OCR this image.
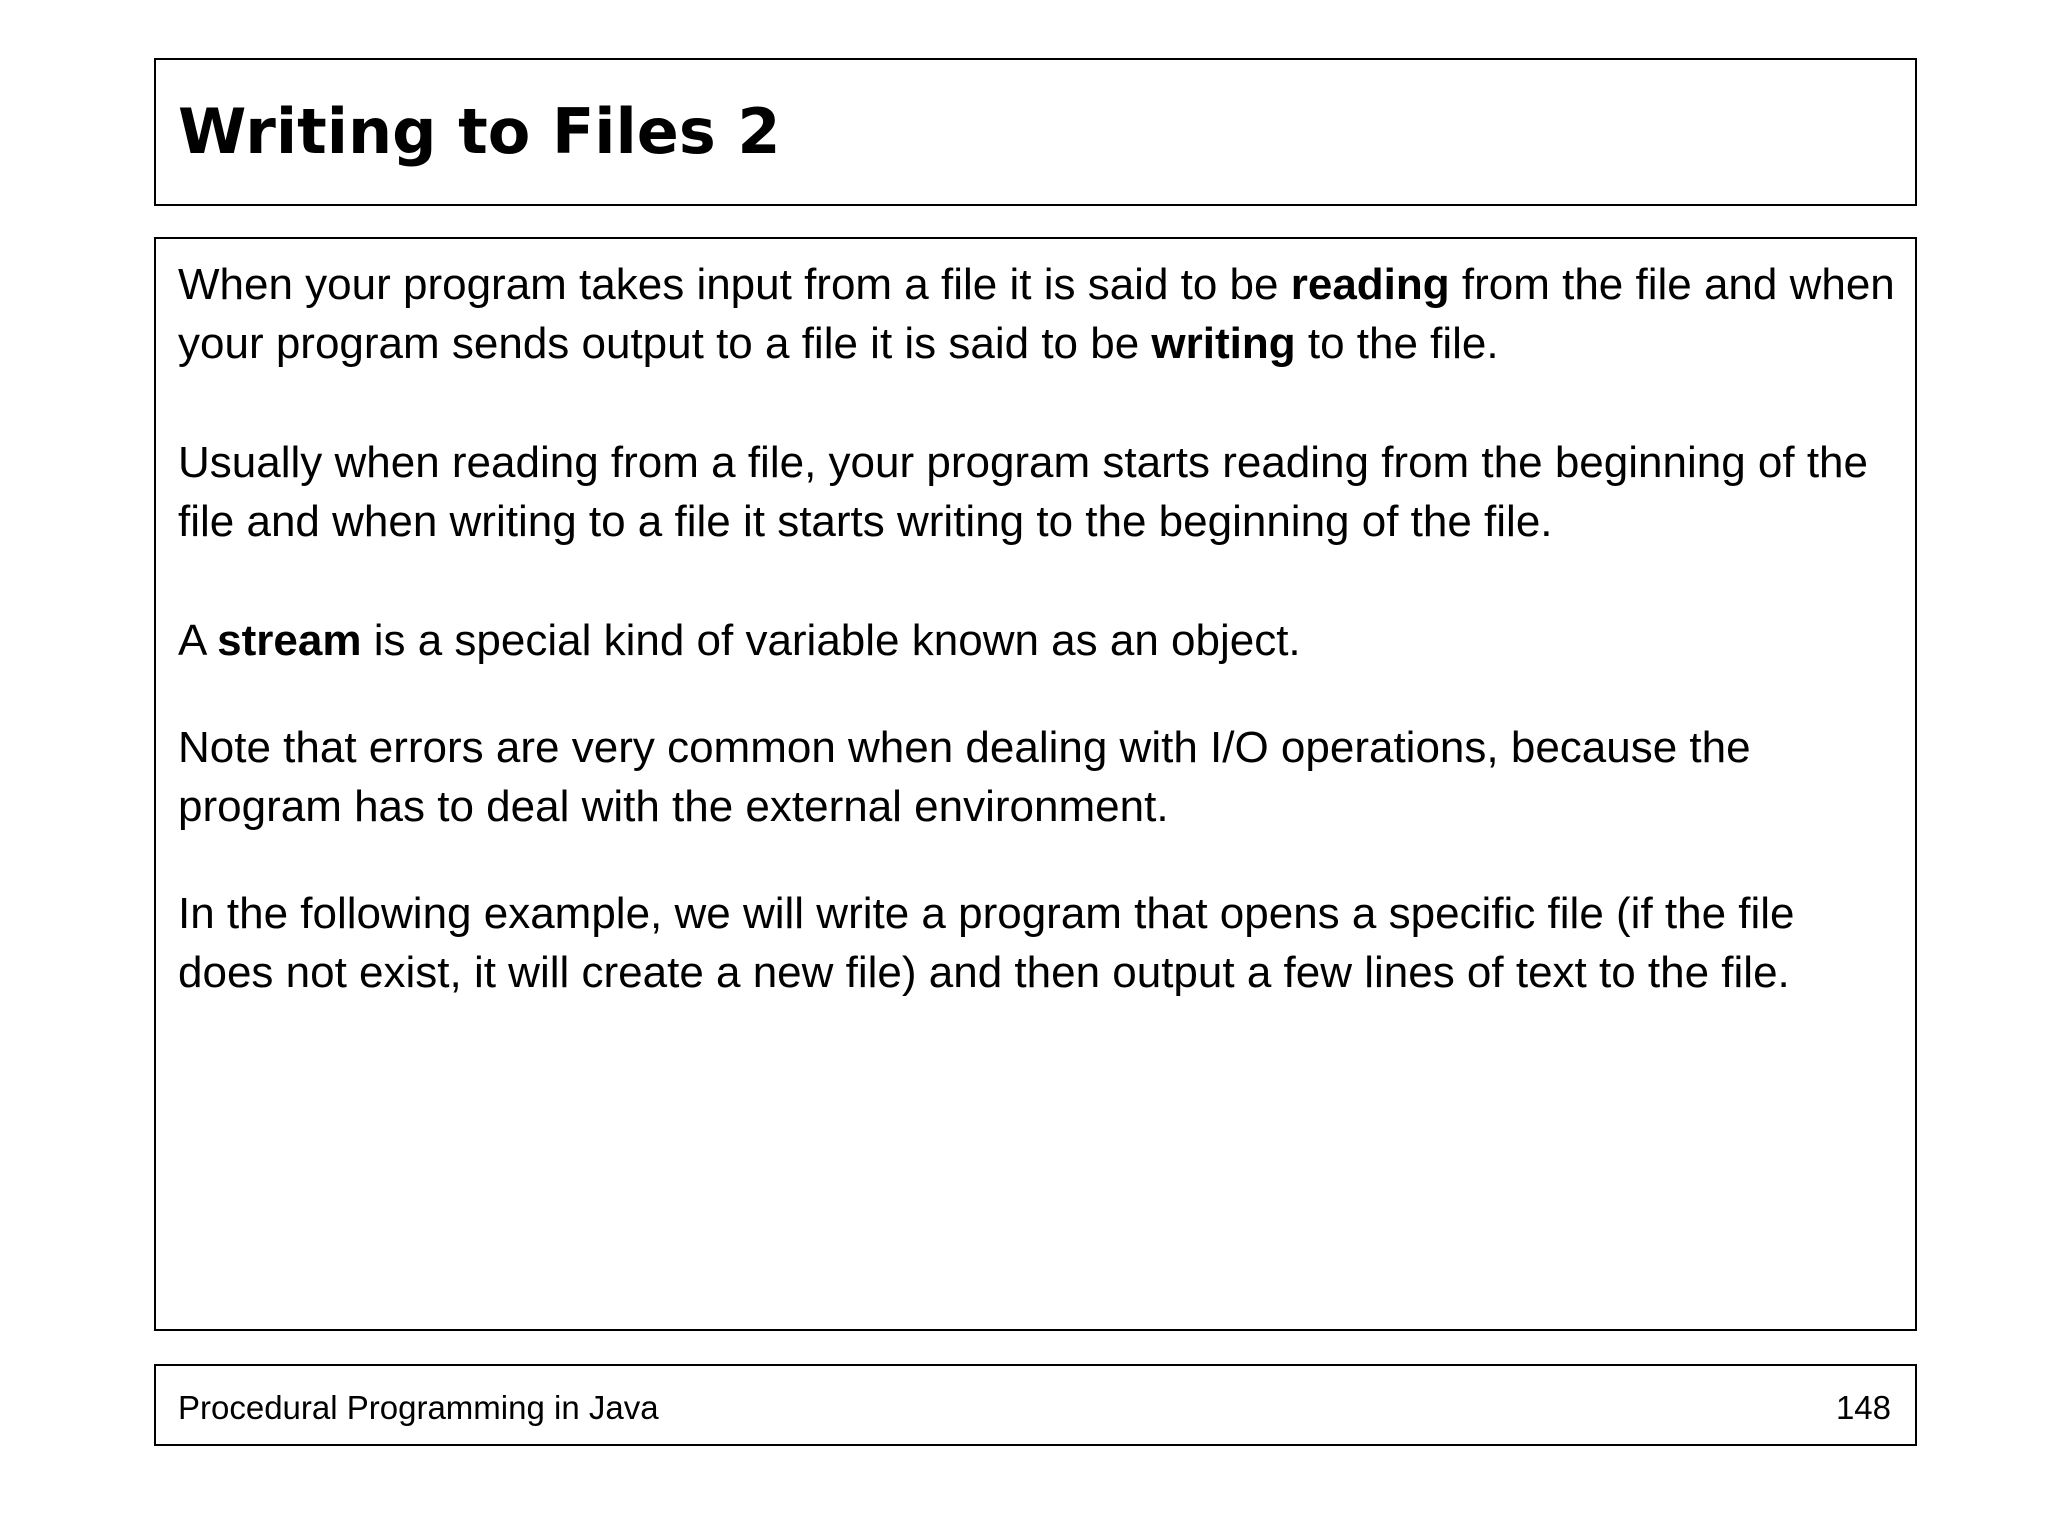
Writing to Files 2

When your program takes input from a file it is said to be reading from the file and when your program sends output to a file it is said to be writing to the file.

Usually when reading from a file, your program starts reading from the beginning of the file and when writing to a file it starts writing to the beginning of the file.

A stream is a special kind of variable known as an object.

Note that errors are very common when dealing with I/O operations, because the program has to deal with the external environment.

In the following example, we will write a program that opens a specific file (if the file does not exist, it will create a new file) and then output a few lines of text to the file.

Procedural Programming in Java	148
